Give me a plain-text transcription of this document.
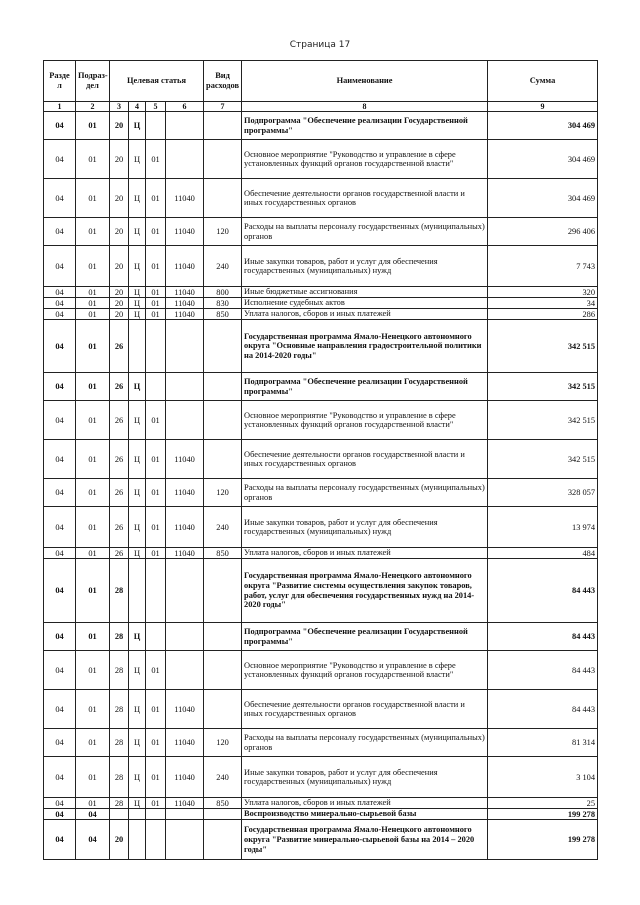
Страница 17
Разде л	Подраз-дел	Целевая статья				Вид расходов	Наименование	Сумма
1	2	3	4	5	6	7	8	9
04	01	20	Ц				Подпрограмма "Обеспечение реализации Государственной программы"	304 469
04	01	20	Ц	01			Основное мероприятие "Руководство и управление в сфере установленных функций органов государственной власти"	304 469
04	01	20	Ц	01	11040		Обеспечение деятельности органов государственной власти и иных государственных органов	304 469
04	01	20	Ц	01	11040	120	Расходы на выплаты персоналу государственных (муниципальных) органов	296 406
04	01	20	Ц	01	11040	240	Иные закупки товаров, работ и услуг для обеспечения государственных (муниципальных) нужд	7 743
04	01	20	Ц	01	11040	800	Иные бюджетные ассигнования	320
04	01	20	Ц	01	11040	830	Исполнение судебных актов	34
04	01	20	Ц	01	11040	850	Уплата налогов, сборов и иных платежей	286
04	01	26					Государственная программа Ямало-Ненецкого автономного округа "Основные направления градостроительной политики на 2014-2020 годы"	342 515
04	01	26	Ц				Подпрограмма "Обеспечение реализации Государственной программы"	342 515
04	01	26	Ц	01			Основное мероприятие "Руководство и управление в сфере установленных функций органов государственной власти"	342 515
04	01	26	Ц	01	11040		Обеспечение деятельности органов государственной власти и иных государственных органов	342 515
04	01	26	Ц	01	11040	120	Расходы на выплаты персоналу государственных (муниципальных) органов	328 057
04	01	26	Ц	01	11040	240	Иные закупки товаров, работ и услуг для обеспечения государственных (муниципальных) нужд	13 974
04	01	26	Ц	01	11040	850	Уплата налогов, сборов и иных платежей	484
04	01	28					Государственная программа Ямало-Ненецкого автономного округа "Развитие системы осуществления закупок товаров, работ, услуг для обеспечения государственных нужд на 2014-2020 годы"	84 443
04	01	28	Ц				Подпрограмма "Обеспечение реализации Государственной программы"	84 443
04	01	28	Ц	01			Основное мероприятие "Руководство и управление в сфере установленных функций органов государственной власти"	84 443
04	01	28	Ц	01	11040		Обеспечение деятельности органов государственной власти и иных государственных органов	84 443
04	01	28	Ц	01	11040	120	Расходы на выплаты персоналу государственных (муниципальных) органов	81 314
04	01	28	Ц	01	11040	240	Иные закупки товаров, работ и услуг для обеспечения государственных (муниципальных) нужд	3 104
04	01	28	Ц	01	11040	850	Уплата налогов, сборов и иных платежей	25
04	04						Воспроизводство минерально-сырьевой базы	199 278
04	04	20					Государственная программа Ямало-Ненецкого автономного округа "Развитие минерально-сырьевой базы на 2014 – 2020 годы"	199 278
